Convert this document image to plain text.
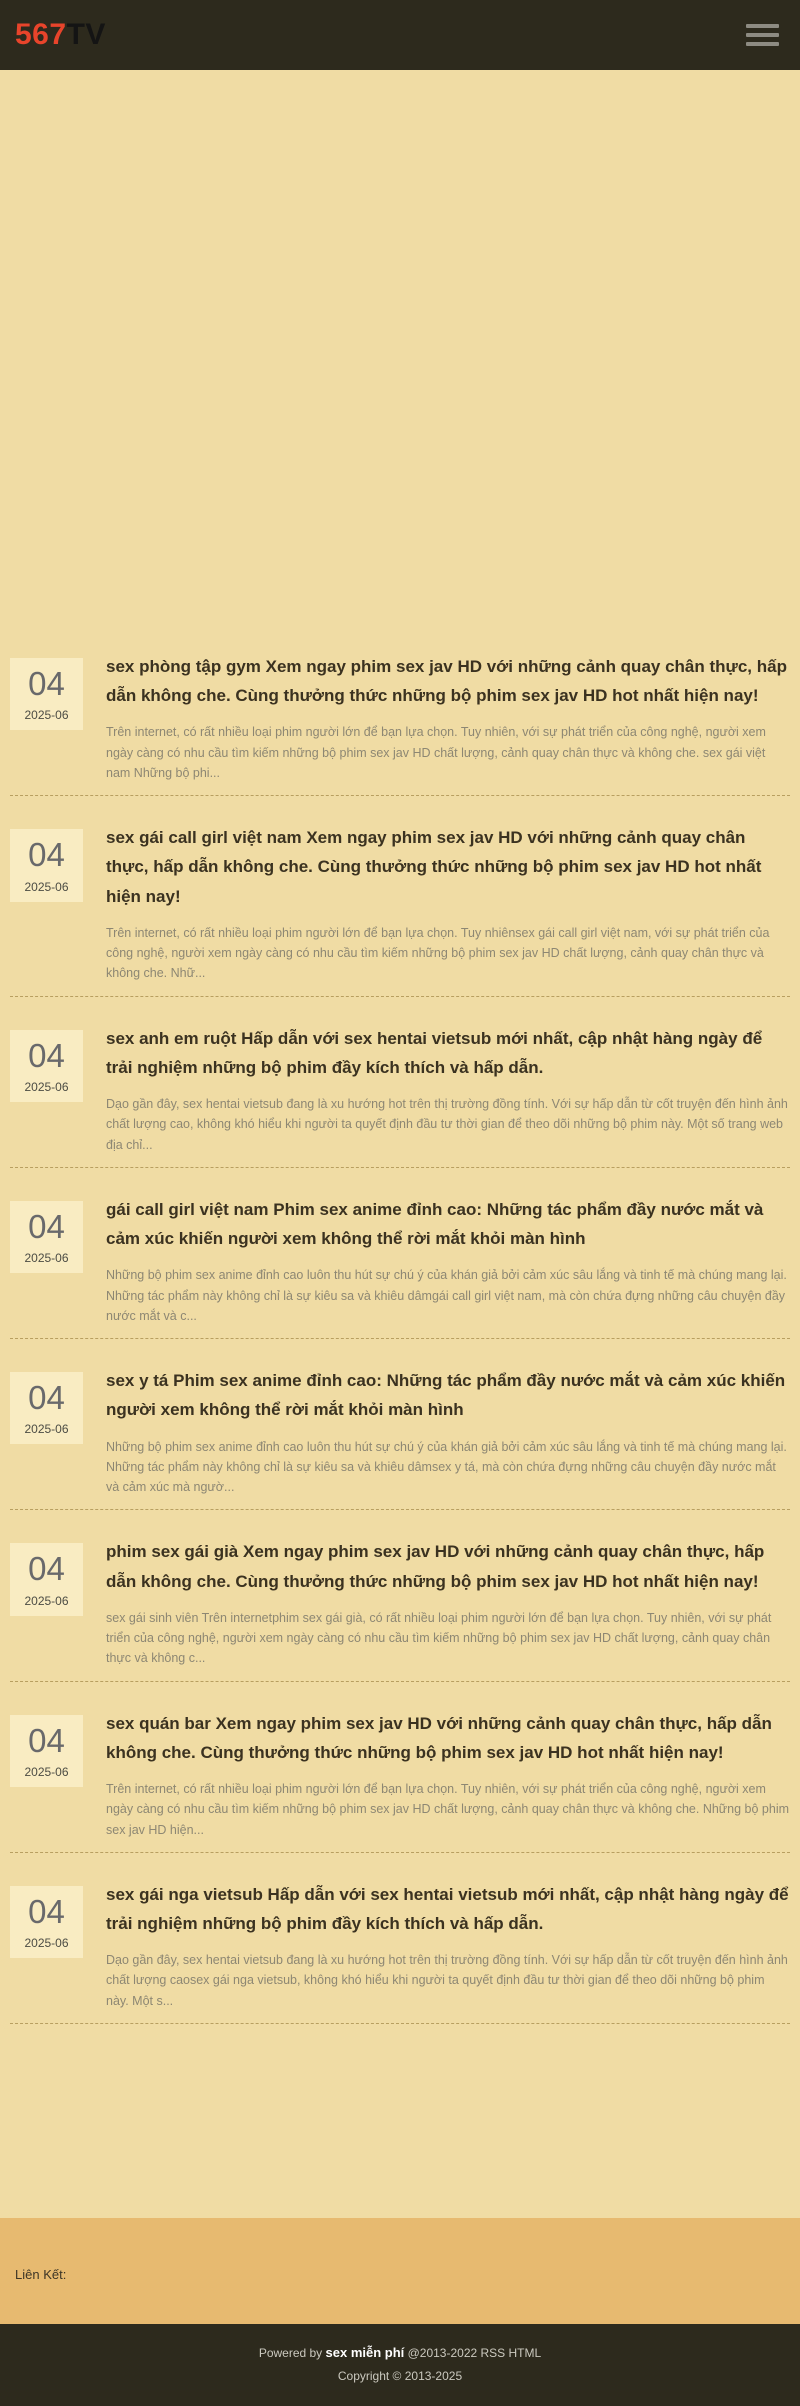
567TV
04
2025-06
sex phòng tập gym Xem ngay phim sex jav HD với những cảnh quay chân thực, hấp dẫn không che. Cùng thưởng thức những bộ phim sex jav HD hot nhất hiện nay!

Trên internet, có rất nhiều loại phim người lớn để bạn lựa chọn. Tuy nhiên, với sự phát triển của công nghệ, người xem ngày càng có nhu cầu tìm kiếm những bộ phim sex jav HD chất lượng, cảnh quay chân thực và không che. sex gái việt nam Những bộ phi...

04
2025-06
sex gái call girl việt nam Xem ngay phim sex jav HD với những cảnh quay chân thực, hấp dẫn không che. Cùng thưởng thức những bộ phim sex jav HD hot nhất hiện nay!

Trên internet, có rất nhiều loại phim người lớn để bạn lựa chọn. Tuy nhiênsex gái call girl việt nam, với sự phát triển của công nghệ, người xem ngày càng có nhu cầu tìm kiếm những bộ phim sex jav HD chất lượng, cảnh quay chân thực và không che. Nhữ...

04
2025-06
sex anh em ruột Hấp dẫn với sex hentai vietsub mới nhất, cập nhật hàng ngày để trải nghiệm những bộ phim đầy kích thích và hấp dẫn.

Dạo gần đây, sex hentai vietsub đang là xu hướng hot trên thị trường đồng tính. Với sự hấp dẫn từ cốt truyện đến hình ảnh chất lượng cao, không khó hiểu khi người ta quyết định đầu tư thời gian để theo dõi những bộ phim này. Một số trang web địa chỉ...

04
2025-06
gái call girl việt nam Phim sex anime đỉnh cao: Những tác phẩm đầy nước mắt và cảm xúc khiến người xem không thể rời mắt khỏi màn hình

Những bộ phim sex anime đỉnh cao luôn thu hút sự chú ý của khán giả bởi cảm xúc sâu lắng và tinh tế mà chúng mang lại. Những tác phẩm này không chỉ là sự kiêu sa và khiêu dâmgái call girl việt nam, mà còn chứa đựng những câu chuyện đầy nước mắt và c...

04
2025-06
sex y tá Phim sex anime đỉnh cao: Những tác phẩm đầy nước mắt và cảm xúc khiến người xem không thể rời mắt khỏi màn hình

Những bộ phim sex anime đỉnh cao luôn thu hút sự chú ý của khán giả bởi cảm xúc sâu lắng và tinh tế mà chúng mang lại. Những tác phẩm này không chỉ là sự kiêu sa và khiêu dâmsex y tá, mà còn chứa đựng những câu chuyện đầy nước mắt và cảm xúc mà ngườ...

04
2025-06
phim sex gái già Xem ngay phim sex jav HD với những cảnh quay chân thực, hấp dẫn không che. Cùng thưởng thức những bộ phim sex jav HD hot nhất hiện nay!

sex gái sinh viên Trên internetphim sex gái già, có rất nhiều loại phim người lớn để bạn lựa chọn. Tuy nhiên, với sự phát triển của công nghệ, người xem ngày càng có nhu cầu tìm kiếm những bộ phim sex jav HD chất lượng, cảnh quay chân thực và không c...

04
2025-06
sex quán bar Xem ngay phim sex jav HD với những cảnh quay chân thực, hấp dẫn không che. Cùng thưởng thức những bộ phim sex jav HD hot nhất hiện nay!

Trên internet, có rất nhiều loại phim người lớn để bạn lựa chọn. Tuy nhiên, với sự phát triển của công nghệ, người xem ngày càng có nhu cầu tìm kiếm những bộ phim sex jav HD chất lượng, cảnh quay chân thực và không che. Những bộ phim sex jav HD hiện...

04
2025-06
sex gái nga vietsub Hấp dẫn với sex hentai vietsub mới nhất, cập nhật hàng ngày để trải nghiệm những bộ phim đầy kích thích và hấp dẫn.

Dạo gần đây, sex hentai vietsub đang là xu hướng hot trên thị trường đồng tính. Với sự hấp dẫn từ cốt truyện đến hình ảnh chất lượng caosex gái nga vietsub, không khó hiểu khi người ta quyết định đầu tư thời gian để theo dõi những bộ phim này. Một s...

Liên Kết:

Powered by sex miễn phí @2013-2022 RSS HTML

Copyright © 2013-2025
